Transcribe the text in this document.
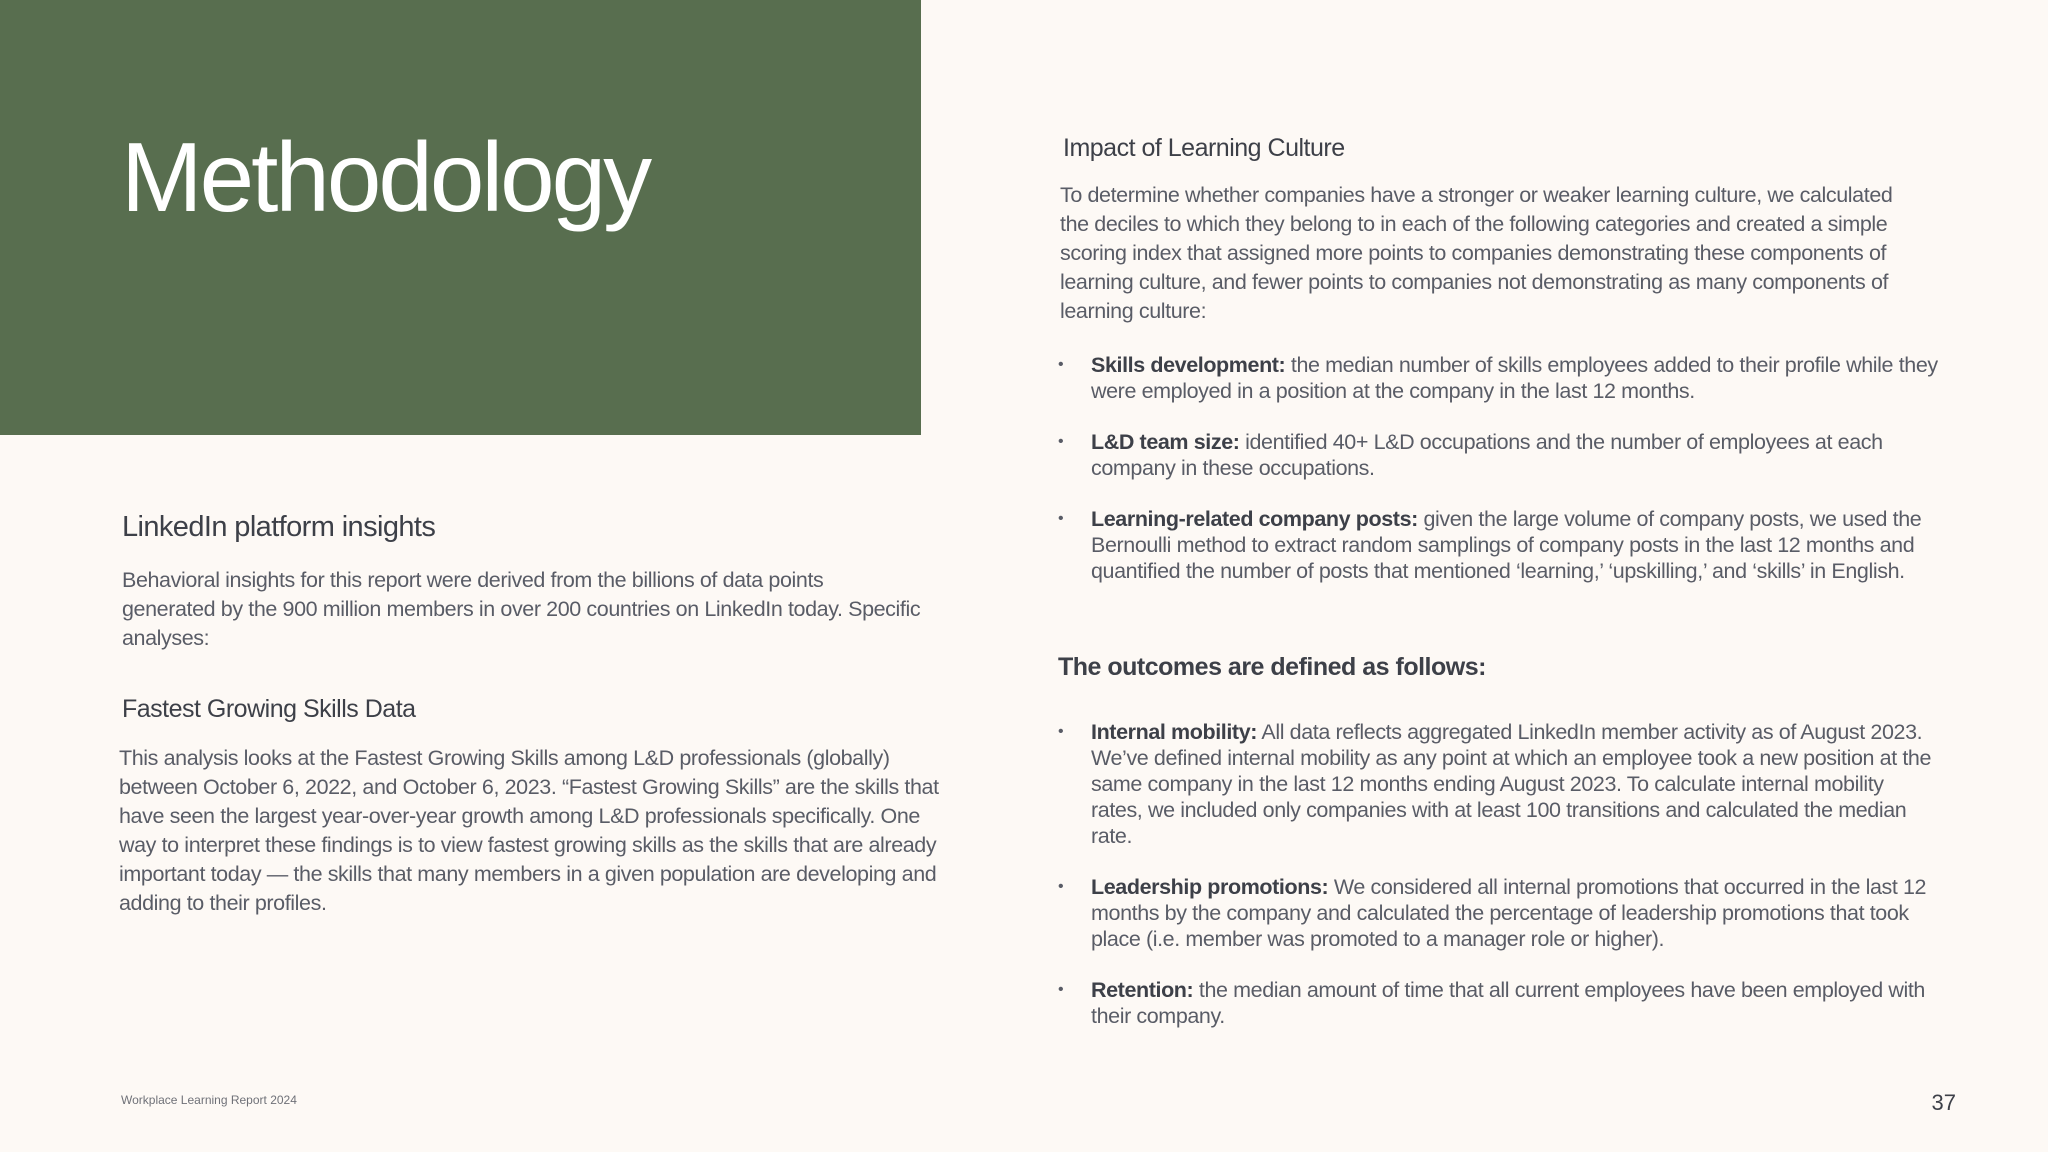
Methodology
LinkedIn platform insights

Behavioral insights for this report were derived from the billions of data points generated by the 900 million members in over 200 countries on LinkedIn today. Specific analyses:

Fastest Growing Skills Data

This analysis looks at the Fastest Growing Skills among L&D professionals (globally) between October 6, 2022, and October 6, 2023. “Fastest Growing Skills” are the skills that have seen the largest year-over-year growth among L&D professionals specifically. One way to interpret these findings is to view fastest growing skills as the skills that are already important today — the skills that many members in a given population are developing and adding to their profiles.

Impact of Learning Culture

To determine whether companies have a stronger or weaker learning culture, we calculated the deciles to which they belong to in each of the following categories and created a simple scoring index that assigned more points to companies demonstrating these components of learning culture, and fewer points to companies not demonstrating as many components of learning culture:

• Skills development: the median number of skills employees added to their profile while they were employed in a position at the company in the last 12 months.
• L&D team size: identified 40+ L&D occupations and the number of employees at each company in these occupations.
• Learning-related company posts: given the large volume of company posts, we used the Bernoulli method to extract random samplings of company posts in the last 12 months and quantified the number of posts that mentioned ‘learning,’ ‘upskilling,’ and ‘skills’ in English.
The outcomes are defined as follows:
• Internal mobility: All data reflects aggregated LinkedIn member activity as of August 2023. We’ve defined internal mobility as any point at which an employee took a new position at the same company in the last 12 months ending August 2023. To calculate internal mobility rates, we included only companies with at least 100 transitions and calculated the median rate.
• Leadership promotions: We considered all internal promotions that occurred in the last 12 months by the company and calculated the percentage of leadership promotions that took place (i.e. member was promoted to a manager role or higher).
• Retention: the median amount of time that all current employees have been employed with their company.
Workplace Learning Report 2024	37
